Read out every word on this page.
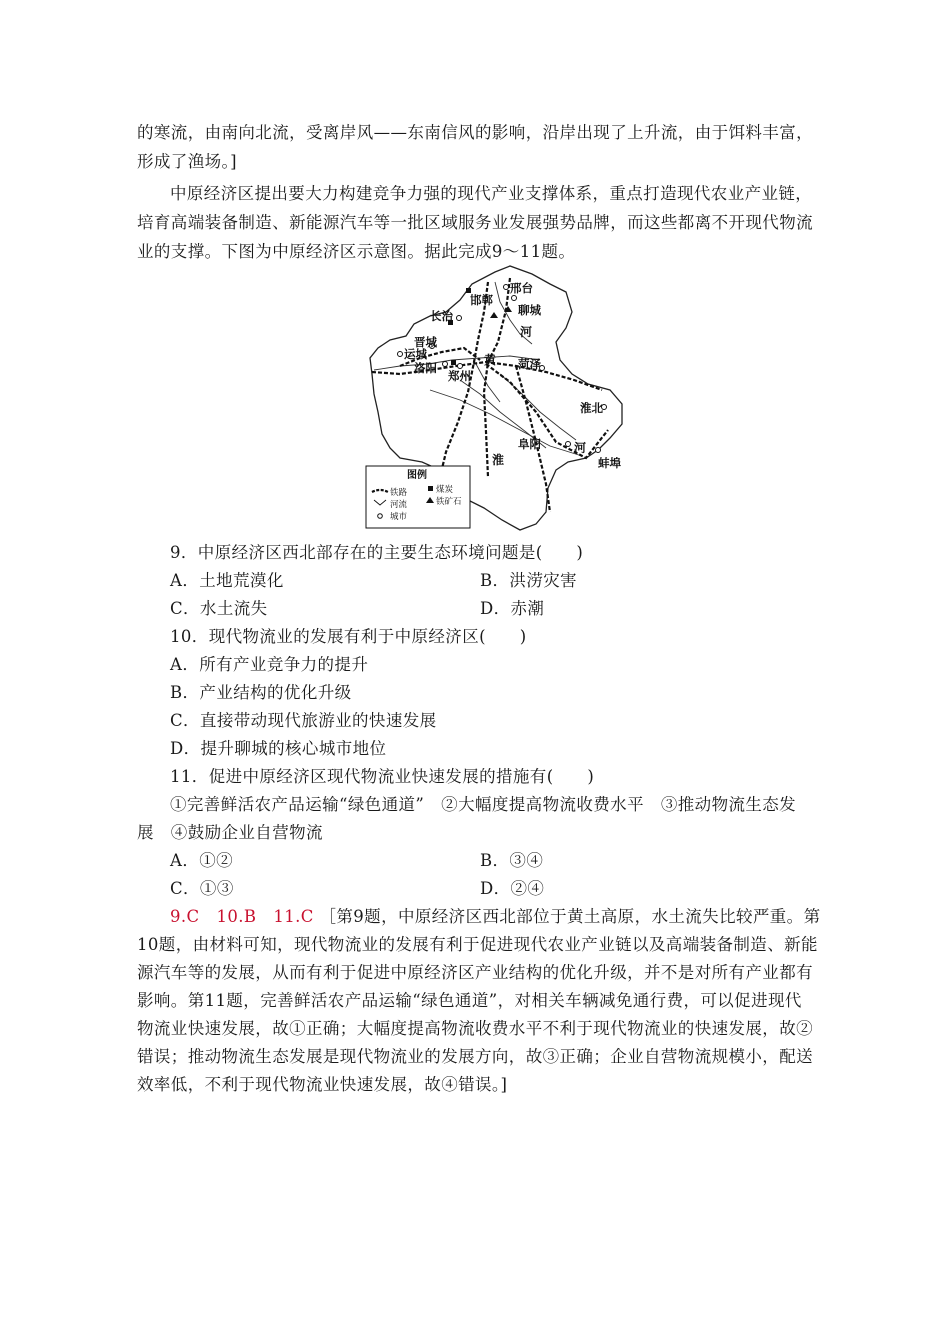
的寒流，由南向北流，受离岸风——东南信风的影响，沿岸出现了上升流，由于饵料丰富，
形成了渔场。]
中原经济区提出要大力构建竞争力强的现代产业支撑体系，重点打造现代农业产业链，
培育高端装备制造、新能源汽车等一批区域服务业发展强势品牌，而这些都离不开现代物流
业的支撑。下图为中原经济区示意图。据此完成9～11题。
邢台
邯郸
长治	聊城
晋城
运城
洛阳
郑州
菏泽
淮北
阜阳
蚌埠
河
黄
河
淮
图例
铁路
河流
城市
煤炭
铁矿石
9．中原经济区西北部存在的主要生态环境问题是(　　)
A．土地荒漠化	B．洪涝灾害
C．水土流失	D．赤潮
10．现代物流业的发展有利于中原经济区(　　)
A．所有产业竞争力的提升
B．产业结构的优化升级
C．直接带动现代旅游业的快速发展
D．提升聊城的核心城市地位
11．促进中原经济区现代物流业快速发展的措施有(　　)
①完善鲜活农产品运输“绿色通道”　②大幅度提高物流收费水平　③推动物流生态发
展　④鼓励企业自营物流
A．①②	B．③④
C．①③	D．②④
9.C　10.B　11.C ［第9题，中原经济区西北部位于黄土高原，水土流失比较严重。第
10题，由材料可知，现代物流业的发展有利于促进现代农业产业链以及高端装备制造、新能
源汽车等的发展，从而有利于促进中原经济区产业结构的优化升级，并不是对所有产业都有
影响。第11题，完善鲜活农产品运输“绿色通道”，对相关车辆减免通行费，可以促进现代
物流业快速发展，故①正确；大幅度提高物流收费水平不利于现代物流业的快速发展，故②
错误；推动物流生态发展是现代物流业的发展方向，故③正确；企业自营物流规模小，配送
效率低，不利于现代物流业快速发展，故④错误。]
